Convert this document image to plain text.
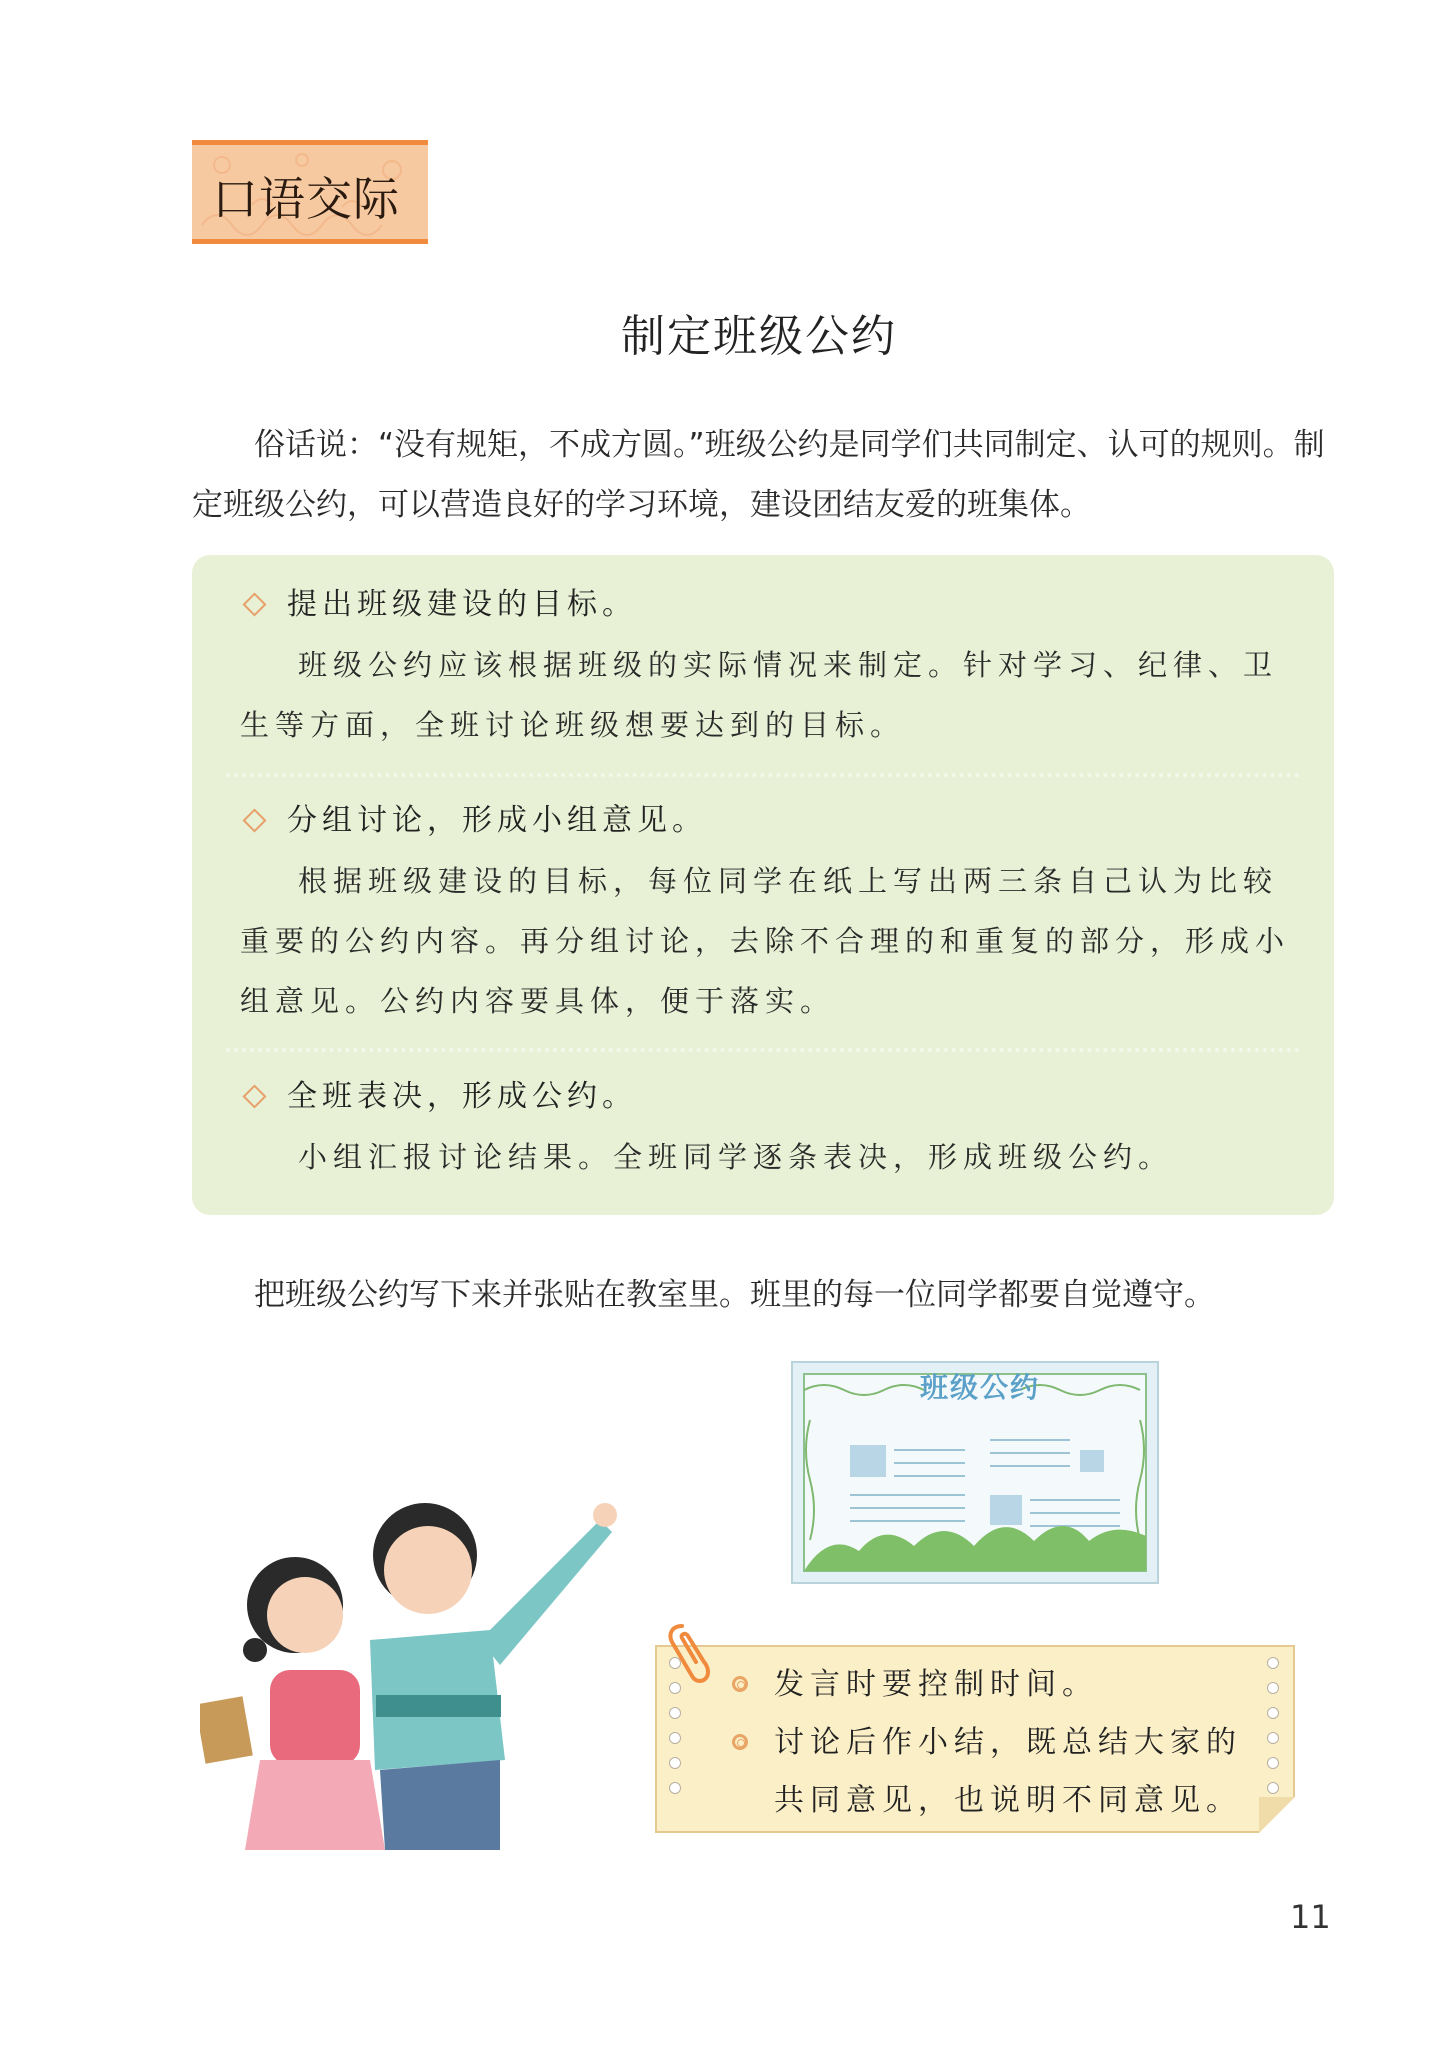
口语交际
制定班级公约

俗话说：“没有规矩，不成方圆。”班级公约是同学们共同制定、认可的规则。制定班级公约，可以营造良好的学习环境，建设团结友爱的班集体。

提出班级建设的目标。
班级公约应该根据班级的实际情况来制定。针对学习、纪律、卫生等方面，全班讨论班级想要达到的目标。
分组讨论，形成小组意见。
根据班级建设的目标，每位同学在纸上写出两三条自己认为比较重要的公约内容。再分组讨论，去除不合理的和重复的部分，形成小组意见。公约内容要具体，便于落实。
全班表决，形成公约。
小组汇报讨论结果。全班同学逐条表决，形成班级公约。

把班级公约写下来并张贴在教室里。班里的每一位同学都要自觉遵守。

班级公约
发言时要控制时间。
讨论后作小结，既总结大家的
共同意见，也说明不同意见。
11
